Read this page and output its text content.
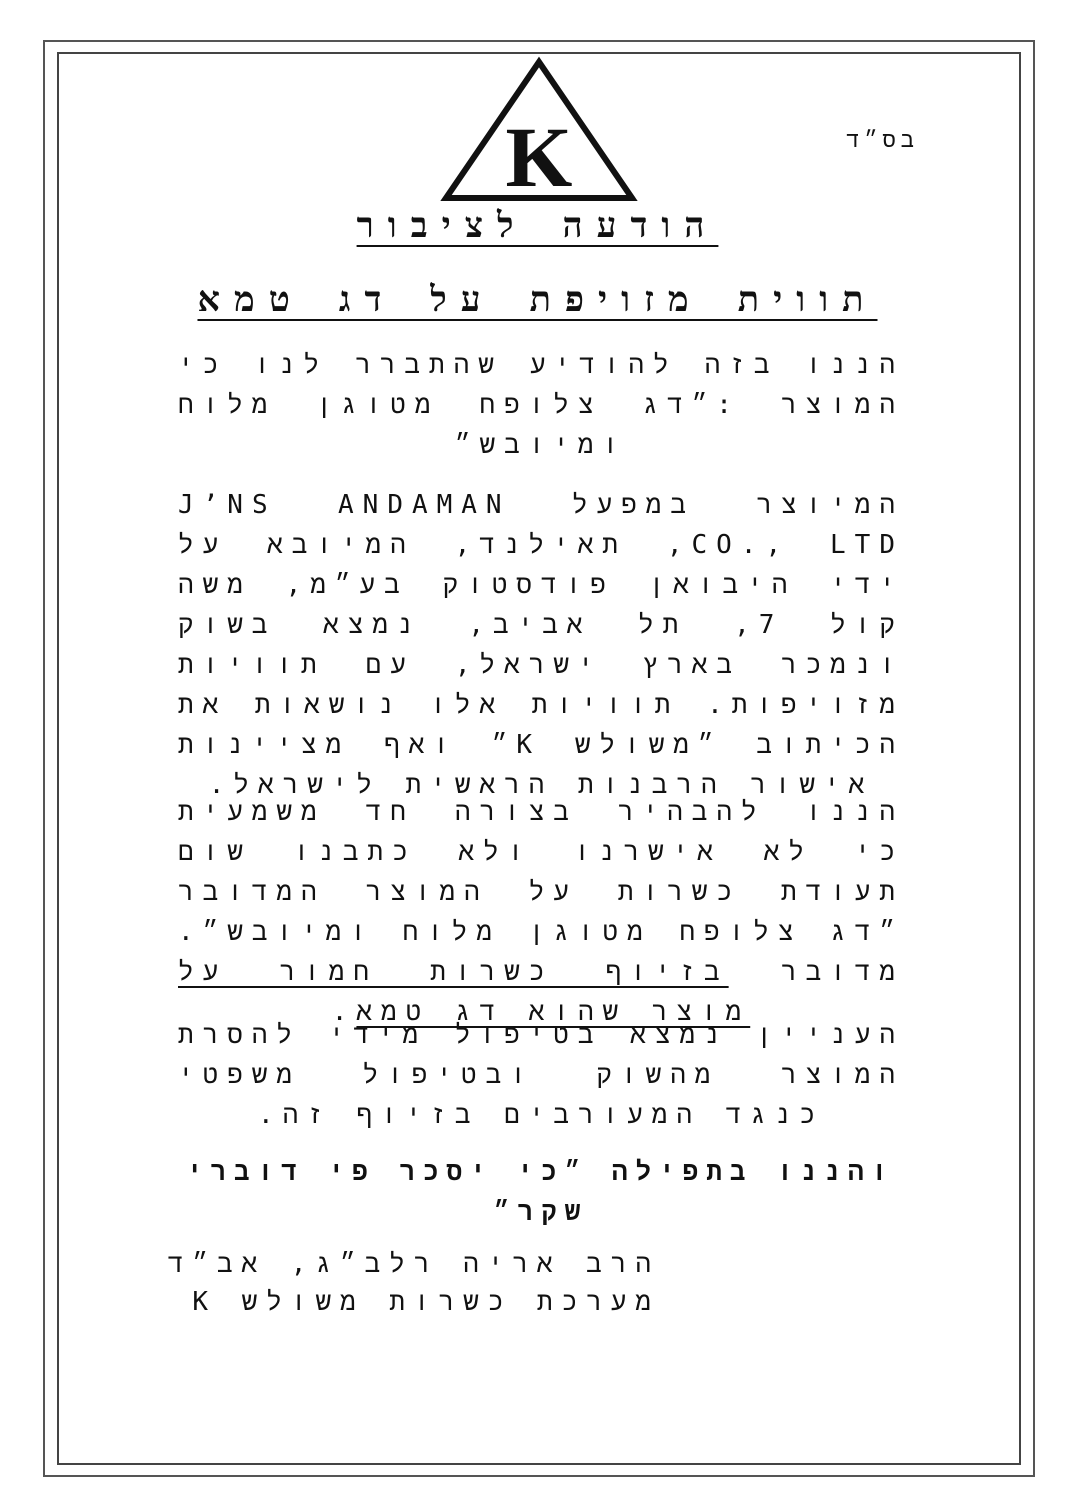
K	בס״ד
הודעה לציבור
תווית מזויפת על דג טמא

הננו בזה להודיע שהתברר לנו כי המוצר :״דג צלופח מטוגן מלוח ומיובש״

המיוצר במפעל J’NS ANDAMAN CO., LTD, תאילנד, המיובא על ידי היבואן פודסטוק בע״מ, משה קול 7, תל אביב, נמצא בשוק ונמכר בארץ ישראל, עם תוויות מזויפות. תוויות אלו נושאות את הכיתוב ״משולש K״ ואף מציינות אישור הרבנות הראשית לישראל.

הננו להבהיר בצורה חד משמעית כי לא אישרנו ולא כתבנו שום תעודת כשרות על המוצר המדובר ״דג צלופח מטוגן מלוח ומיובש״. מדובר בזיוף כשרות חמור על מוצר שהוא דג טמא.

העניין נמצא בטיפול מידי להסרת המוצר מהשוק ובטיפול משפטי כנגד המעורבים בזיוף זה.

והננו בתפילה ״כי יסכר פי דוברי שקר״

הרב אריה רלב״ג, אב״ד
מערכת כשרות משולש K
